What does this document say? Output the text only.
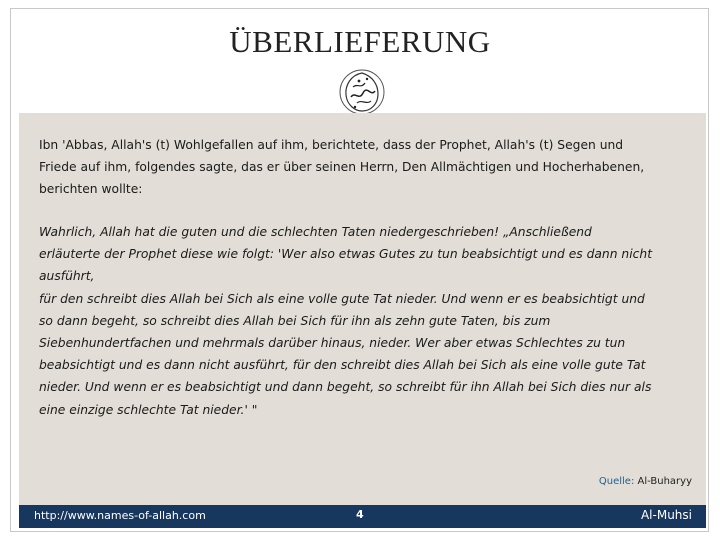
ÜBERLIEFERUNG
Ibn 'Abbas, Allah's (t) Wohlgefallen auf ihm, berichtete, dass der Prophet, Allah's (t) Segen und Friede auf ihm, folgendes sagte, das er über seinen Herrn, Den Allmächtigen und Hocherhabenen, berichten wollte:
Wahrlich, Allah hat die guten und die schlechten Taten niedergeschrieben! „Anschließend
erläuterte der Prophet diese wie folgt: 'Wer also etwas Gutes zu tun beabsichtigt und es dann nicht
ausführt,
für den schreibt dies Allah bei Sich als eine volle gute Tat nieder. Und wenn er es beabsichtigt und
so dann begeht, so schreibt dies Allah bei Sich für ihn als zehn gute Taten, bis zum
Siebenhundertfachen und mehrmals darüber hinaus, nieder. Wer aber etwas Schlechtes zu tun
beabsichtigt und es dann nicht ausführt, für den schreibt dies Allah bei Sich als eine volle gute Tat
nieder. Und wenn er es beabsichtigt und dann begeht, so schreibt für ihn Allah bei Sich dies nur als
eine einzige schlechte Tat nieder.' "
Quelle: Al-Buharyy
http://www.names-of-allah.com	4	Al-Muhsi
